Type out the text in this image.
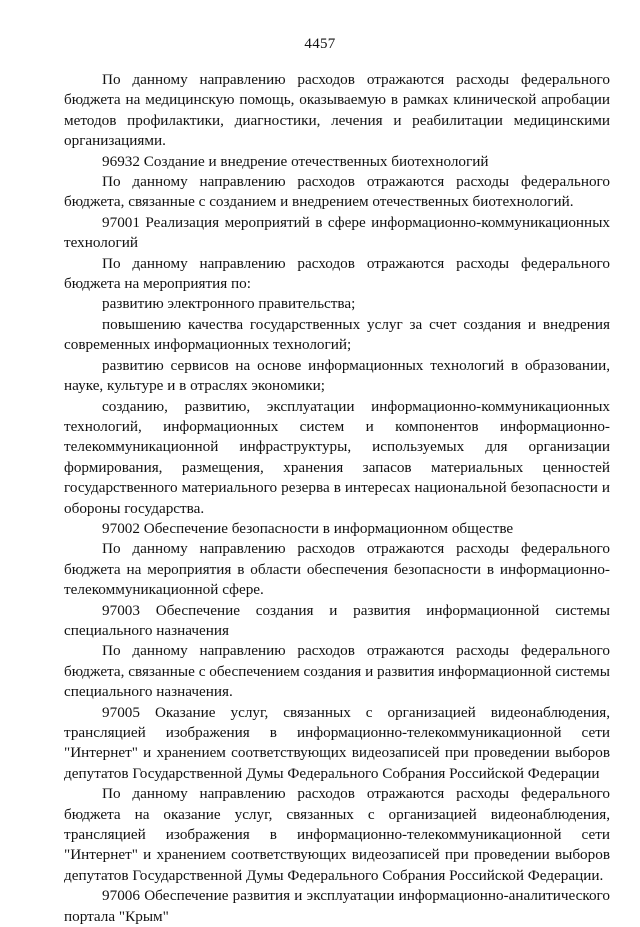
4457

По данному направлению расходов отражаются расходы федерального бюджета на медицинскую помощь, оказываемую в рамках клинической апробации методов профилактики, диагностики, лечения и реабилитации медицинскими организациями.

96932 Создание и внедрение отечественных биотехнологий

По данному направлению расходов отражаются расходы федерального бюджета, связанные с созданием и внедрением отечественных биотехнологий.

97001 Реализация мероприятий в сфере информационно-коммуникационных технологий

По данному направлению расходов отражаются расходы федерального бюджета на мероприятия по:

развитию электронного правительства;

повышению качества государственных услуг за счет создания и внедрения современных информационных технологий;

развитию сервисов на основе информационных технологий в образовании, науке, культуре и в отраслях экономики;

созданию, развитию, эксплуатации информационно-коммуникационных технологий, информационных систем и компонентов информационно-телекоммуникационной инфраструктуры, используемых для организации формирования, размещения, хранения запасов материальных ценностей государственного материального резерва в интересах национальной безопасности и обороны государства.

97002 Обеспечение безопасности в информационном обществе

По данному направлению расходов отражаются расходы федерального бюджета на мероприятия в области обеспечения безопасности в информационно-телекоммуникационной сфере.

97003 Обеспечение создания и развития информационной системы специального назначения

По данному направлению расходов отражаются расходы федерального бюджета, связанные с обеспечением создания и развития информационной системы специального назначения.

97005 Оказание услуг, связанных с организацией видеонаблюдения, трансляцией изображения в информационно-телекоммуникационной сети "Интернет" и хранением соответствующих видеозаписей при проведении выборов депутатов Государственной Думы Федерального Собрания Российской Федерации

По данному направлению расходов отражаются расходы федерального бюджета на оказание услуг, связанных с организацией видеонаблюдения, трансляцией изображения в информационно-телекоммуникационной сети "Интернет" и хранением соответствующих видеозаписей при проведении выборов депутатов Государственной Думы Федерального Собрания Российской Федерации.

97006 Обеспечение развития и эксплуатации информационно-аналитического портала "Крым"
